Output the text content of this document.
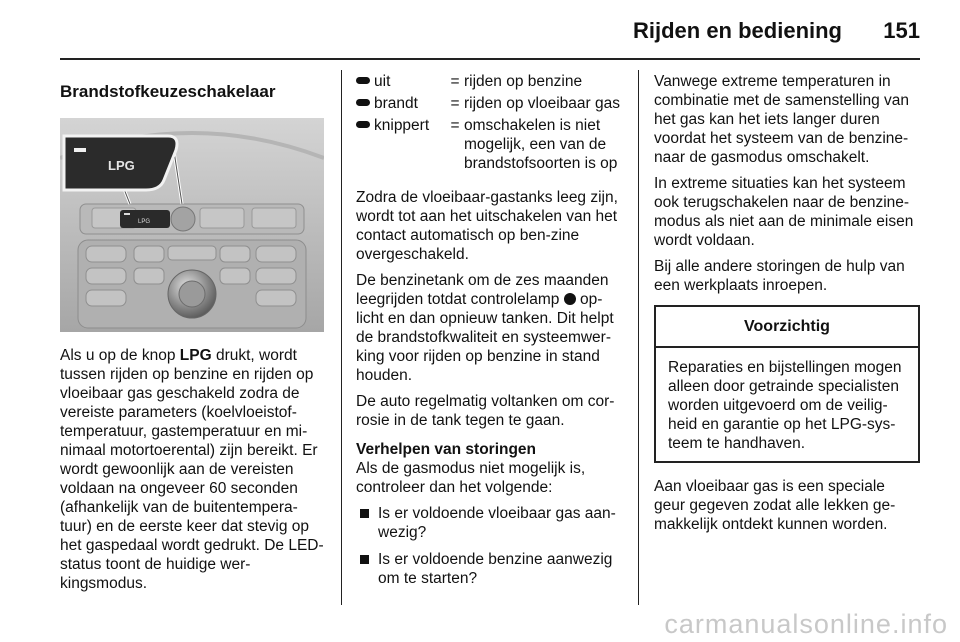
Rijden en bediening 151
Brandstofkeuzeschakelaar
LPG
LPG

Als u op de knop LPG drukt, wordt tussen rijden op benzine en rijden op vloeibaar gas geschakeld zodra de vereiste parameters (koelvloeistof-temperatuur, gastemperatuur en mi-nimaal motortoerental) zijn bereikt. Er wordt gewoonlijk aan de vereisten voldaan na ongeveer 60 seconden (afhankelijk van de buitentempera-tuur) en de eerste keer dat stevig op het gaspedaal wordt gedrukt. De LED-status toont de huidige wer-kingsmodus.

uit	=	rijden op benzine
brandt	=	rijden op vloeibaar gas
knippert	=	omschakelen is niet mogelijk, een van de brandstofsoorten is op

Zodra de vloeibaar-gastanks leeg zijn, wordt tot aan het uitschakelen van het contact automatisch op ben-zine overgeschakeld.

De benzinetank om de zes maanden leegrijden totdat controlelamp  op-licht en dan opnieuw tanken. Dit helpt de brandstofkwaliteit en systeemwer-king voor rijden op benzine in stand houden.

De auto regelmatig voltanken om cor-rosie in de tank tegen te gaan.

Verhelpen van storingen

Als de gasmodus niet mogelijk is, controleer dan het volgende:

Is er voldoende vloeibaar gas aan-wezig?
Is er voldoende benzine aanwezig om te starten?

Vanwege extreme temperaturen in combinatie met de samenstelling van het gas kan het iets langer duren voordat het systeem van de benzine-naar de gasmodus omschakelt.

In extreme situaties kan het systeem ook terugschakelen naar de benzine-modus als niet aan de minimale eisen wordt voldaan.

Bij alle andere storingen de hulp van een werkplaats inroepen.

Voorzichtig

Reparaties en bijstellingen mogen alleen door getrainde specialisten worden uitgevoerd om de veilig-heid en garantie op het LPG-sys-teem te handhaven.

Aan vloeibaar gas is een speciale geur gegeven zodat alle lekken ge-makkelijk ontdekt kunnen worden.

carmanualsonline.info
